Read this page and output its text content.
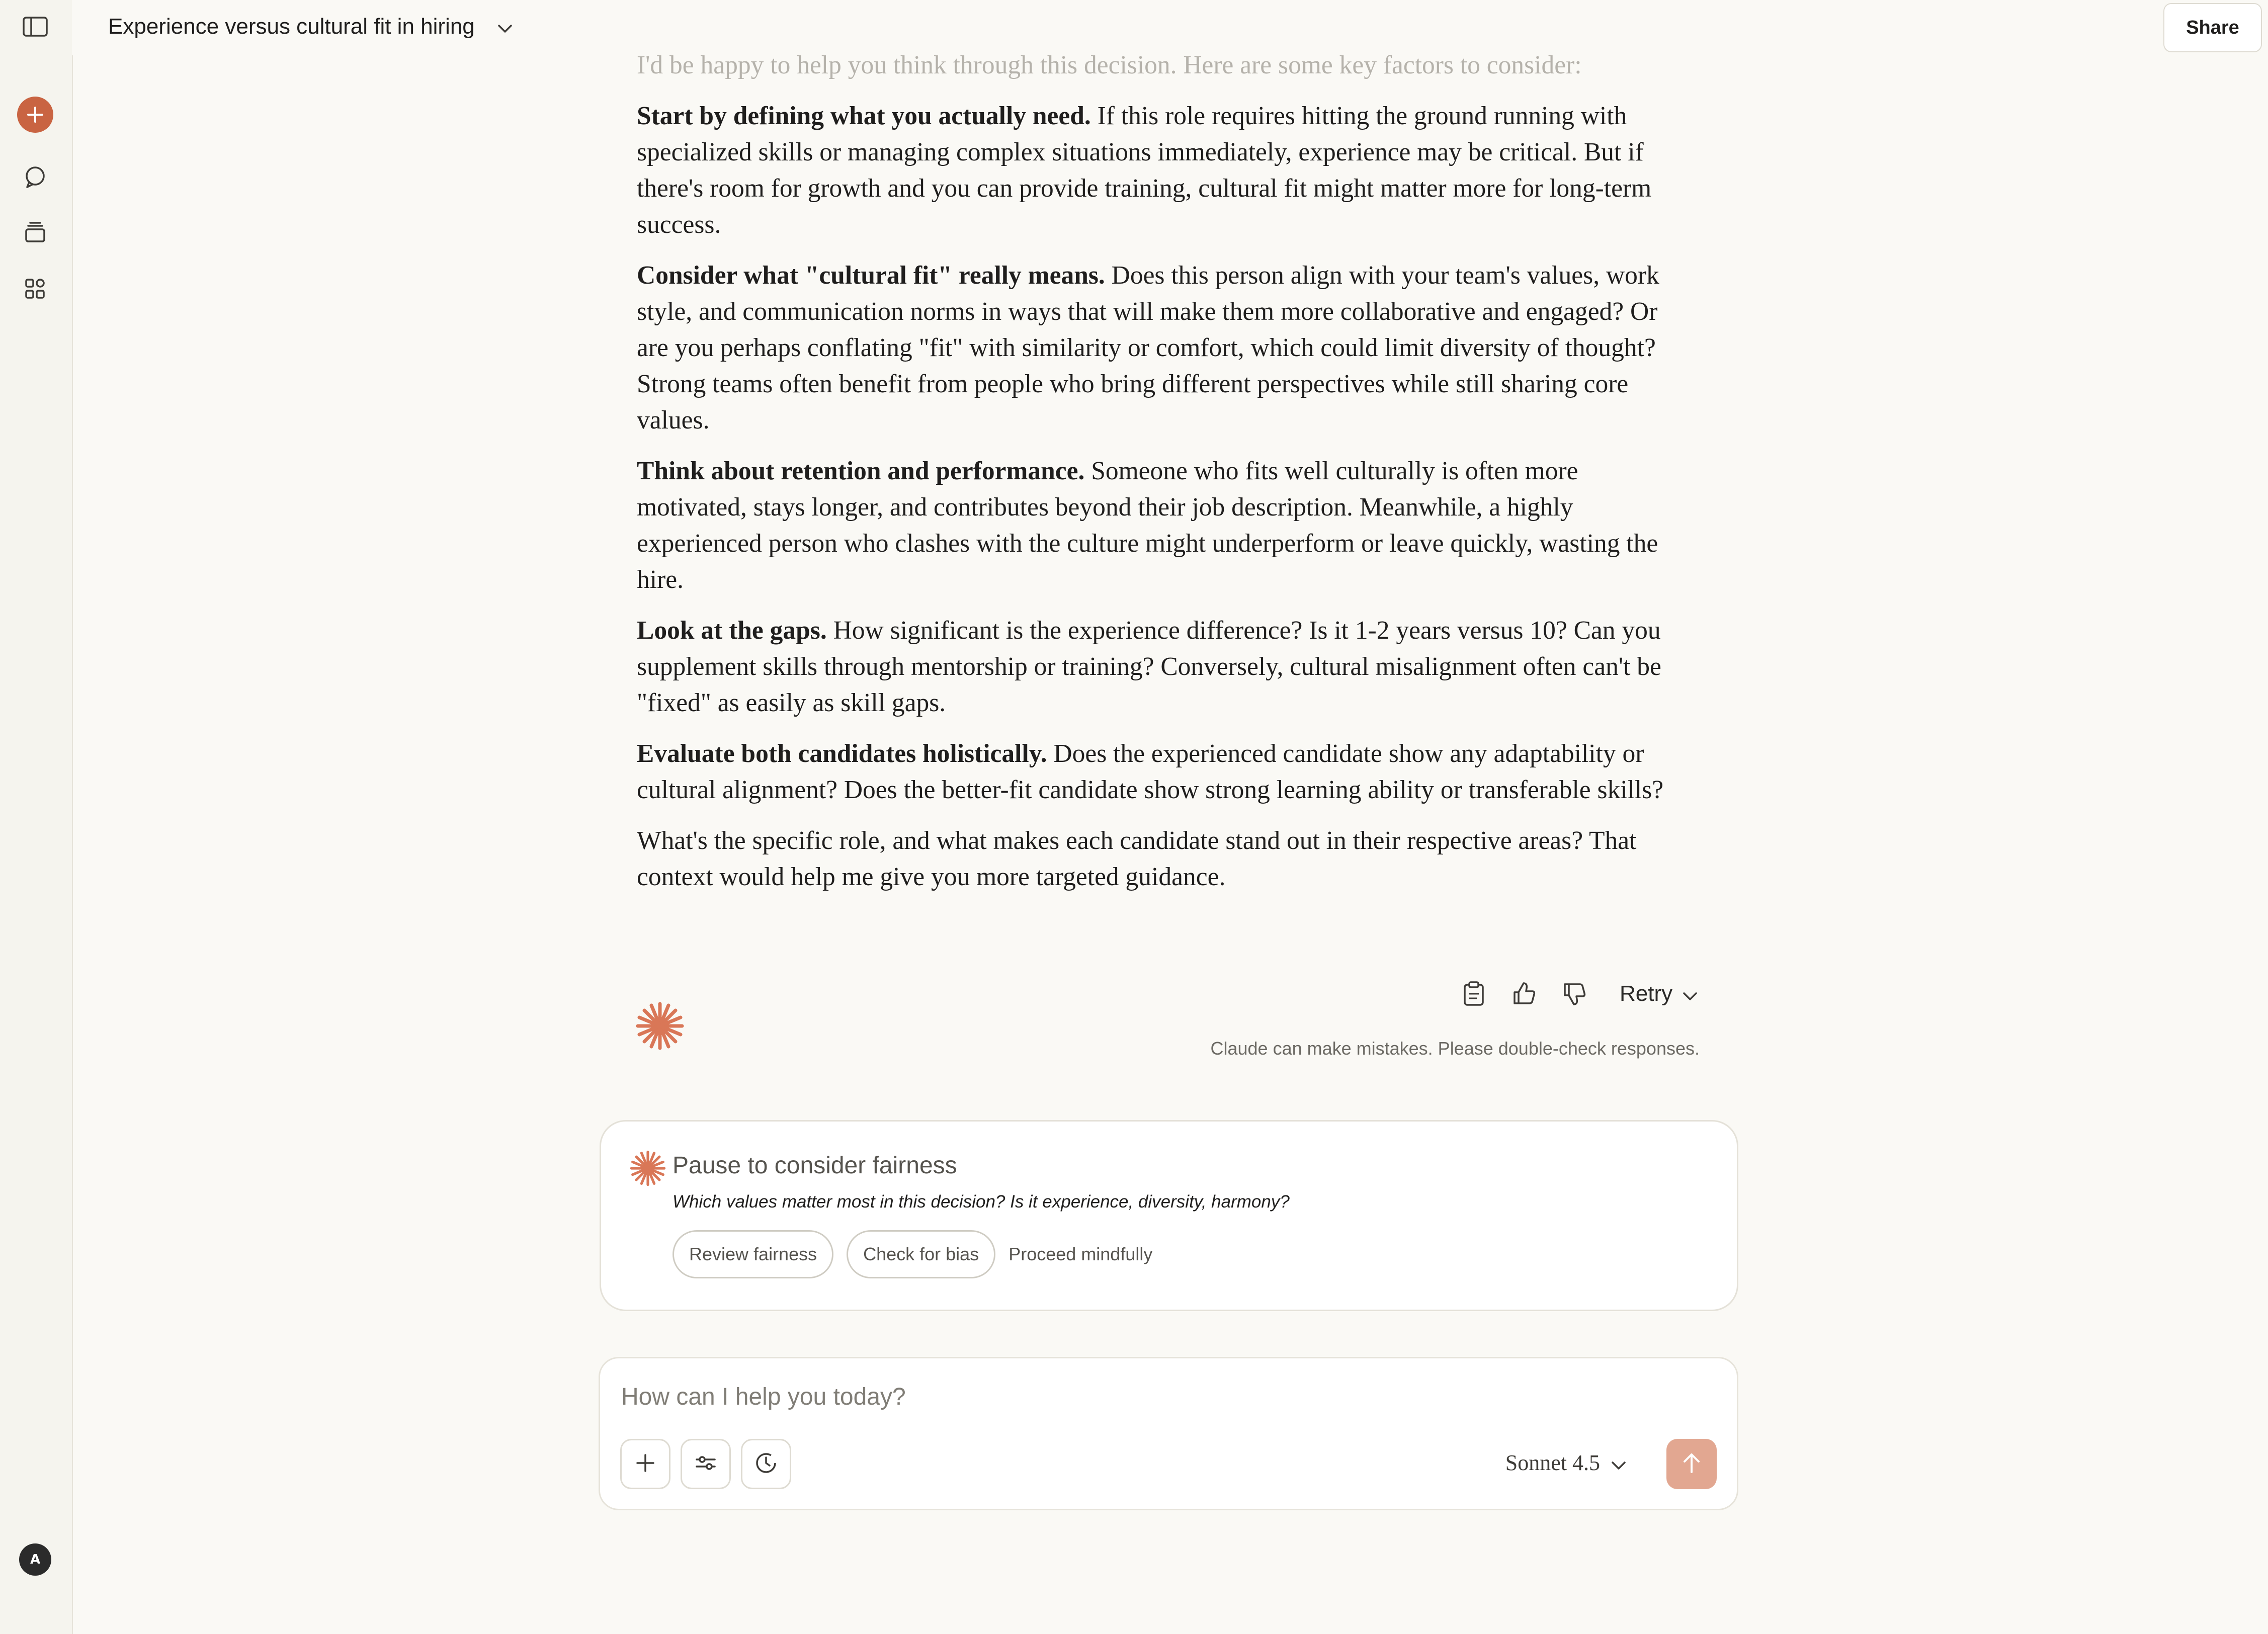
A
Experience versus cultural fit in hiring	Share

I'd be happy to help you think through this decision. Here are some key factors to consider:

Start by defining what you actually need. If this role requires hitting the ground running with specialized skills or managing complex situations immediately, experience may be critical. But if there's room for growth and you can provide training, cultural fit might matter more for long-term success.

Consider what "cultural fit" really means. Does this person align with your team's values, work style, and communication norms in ways that will make them more collaborative and engaged? Or are you perhaps conflating "fit" with similarity or comfort, which could limit diversity of thought? Strong teams often benefit from people who bring different perspectives while still sharing core values.

Think about retention and performance. Someone who fits well culturally is often more motivated, stays longer, and contributes beyond their job description. Meanwhile, a highly experienced person who clashes with the culture might underperform or leave quickly, wasting the hire.

Look at the gaps. How significant is the experience difference? Is it 1-2 years versus 10? Can you supplement skills through mentorship or training? Conversely, cultural misalignment often can't be "fixed" as easily as skill gaps.

Evaluate both candidates holistically. Does the experienced candidate show any adaptability or cultural alignment? Does the better-fit candidate show strong learning ability or transferable skills?

What's the specific role, and what makes each candidate stand out in their respective areas? That context would help me give you more targeted guidance.

Retry
Claude can make mistakes. Please double-check responses.
Pause to consider fairness
Which values matter most in this decision? Is it experience, diversity, harmony?
Review fairness	Check for bias	Proceed mindfully
How can I help you today?
Sonnet 4.5
